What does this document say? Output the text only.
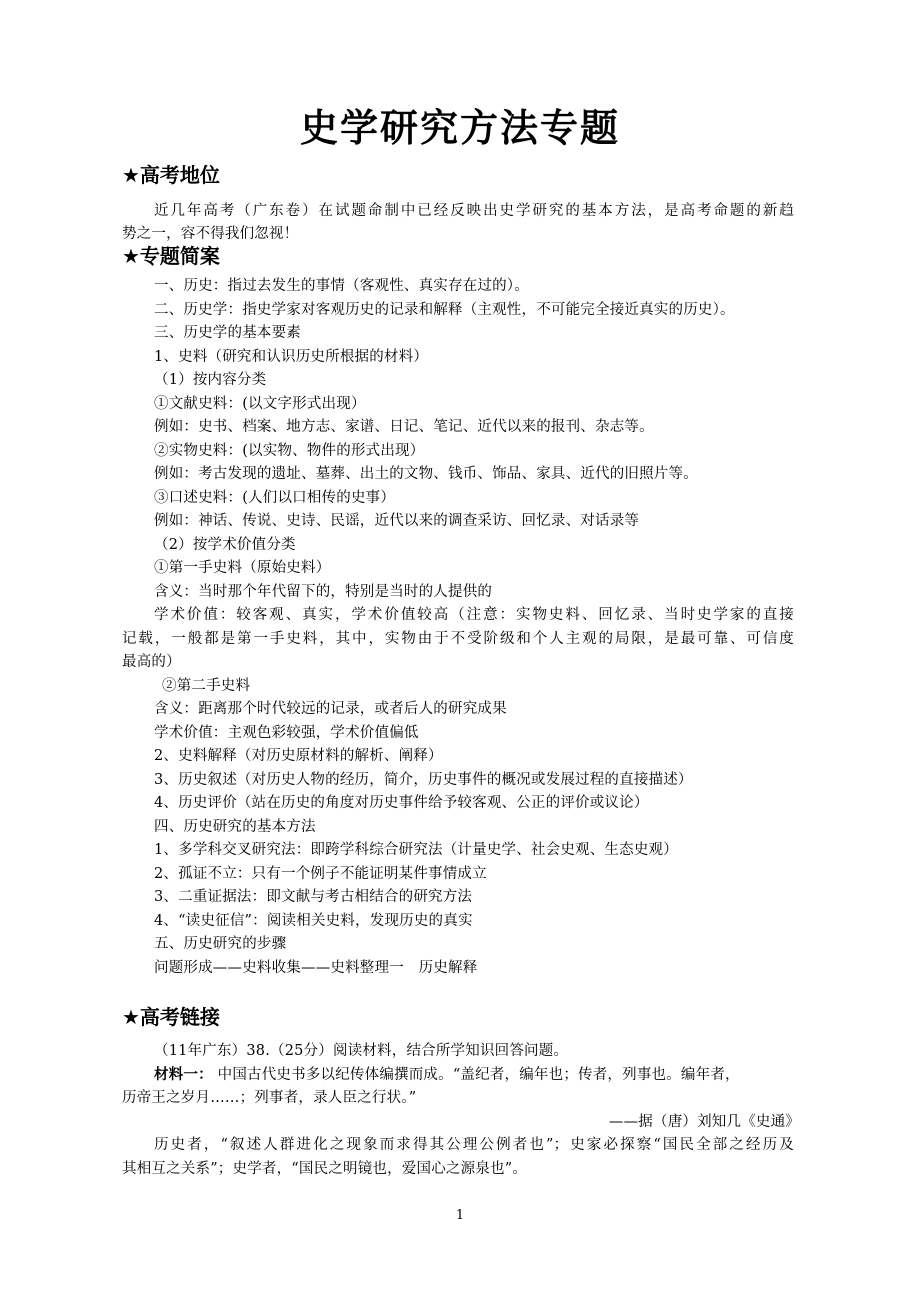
史学研究方法专题
★高考地位
近几年高考（广东卷）在试题命制中已经反映出史学研究的基本方法，是高考命题的新趋
势之一，容不得我们忽视！
★专题简案
一、历史：指过去发生的事情（客观性、真实存在过的）。
二、历史学：指史学家对客观历史的记录和解释（主观性，不可能完全接近真实的历史）。
三、历史学的基本要素
1、史料（研究和认识历史所根据的材料）
（1）按内容分类
①文献史料：(以文字形式出现）
例如：史书、档案、地方志、家谱、日记、笔记、近代以来的报刊、杂志等。
②实物史料：(以实物、物件的形式出现）
例如：考古发现的遗址、墓葬、出土的文物、钱币、饰品、家具、近代的旧照片等。
③口述史料：(人们以口相传的史事）
例如：神话、传说、史诗、民谣，近代以来的调查采访、回忆录、对话录等
（2）按学术价值分类
①第一手史料（原始史料）
含义：当时那个年代留下的，特别是当时的人提供的
学术价值：较客观、真实，学术价值较高（注意：实物史料、回忆录、当时史学家的直接
记载，一般都是第一手史料，其中，实物由于不受阶级和个人主观的局限，是最可靠、可信度
最高的）
②第二手史料
含义：距离那个时代较远的记录，或者后人的研究成果
学术价值：主观色彩较强，学术价值偏低
2、史料解释（对历史原材料的解析、阐释）
3、历史叙述（对历史人物的经历，简介，历史事件的概况或发展过程的直接描述）
4、历史评价（站在历史的角度对历史事件给予较客观、公正的评价或议论）
四、历史研究的基本方法
1、多学科交叉研究法：即跨学科综合研究法（计量史学、社会史观、生态史观）
2、孤证不立：只有一个例子不能证明某件事情成立
3、二重证据法：即文献与考古相结合的研究方法
4、“读史征信”：阅读相关史料，发现历史的真实
五、历史研究的步骤
问题形成——史料收集——史料整理一　历史解释
★高考链接
（11年广东）38.（25分）阅读材料，结合所学知识回答问题。
材料一： 中国古代史书多以纪传体编撰而成。“盖纪者，编年也；传者，列事也。编年者，
历帝王之岁月……；列事者，录人臣之行状。”
——据（唐）刘知几《史通》
历史者，“叙述人群进化之现象而求得其公理公例者也”；史家必探察“国民全部之经历及
其相互之关系”；史学者，“国民之明镜也，爱国心之源泉也”。
1
